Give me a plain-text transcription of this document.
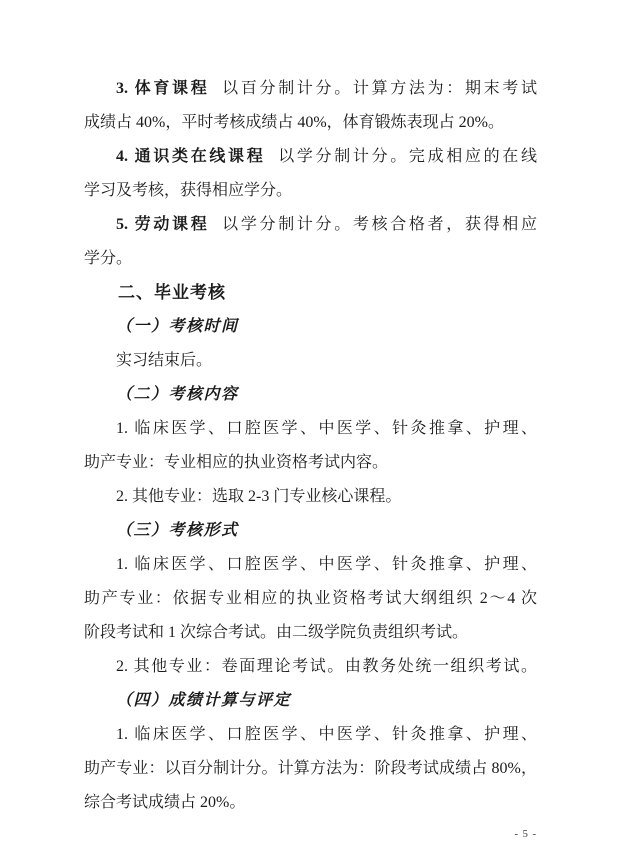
3. 体育课程 以百分制计分。计算方法为：期末考试
成绩占 40%，平时考核成绩占 40%，体育锻炼表现占 20%。
4. 通识类在线课程 以学分制计分。完成相应的在线
学习及考核，获得相应学分。
5. 劳动课程 以学分制计分。考核合格者，获得相应
学分。
二、毕业考核
（一）考核时间
实习结束后。
（二）考核内容
1. 临床医学、口腔医学、中医学、针灸推拿、护理、
助产专业：专业相应的执业资格考试内容。
2. 其他专业：选取 2-3 门专业核心课程。
（三）考核形式
1. 临床医学、口腔医学、中医学、针灸推拿、护理、
助产专业：依据专业相应的执业资格考试大纲组织 2～4 次
阶段考试和 1 次综合考试。由二级学院负责组织考试。
2. 其他专业：卷面理论考试。由教务处统一组织考试。
（四）成绩计算与评定
1. 临床医学、口腔医学、中医学、针灸推拿、护理、
助产专业：以百分制计分。计算方法为：阶段考试成绩占 80%，
综合考试成绩占 20%。
- 5 -
